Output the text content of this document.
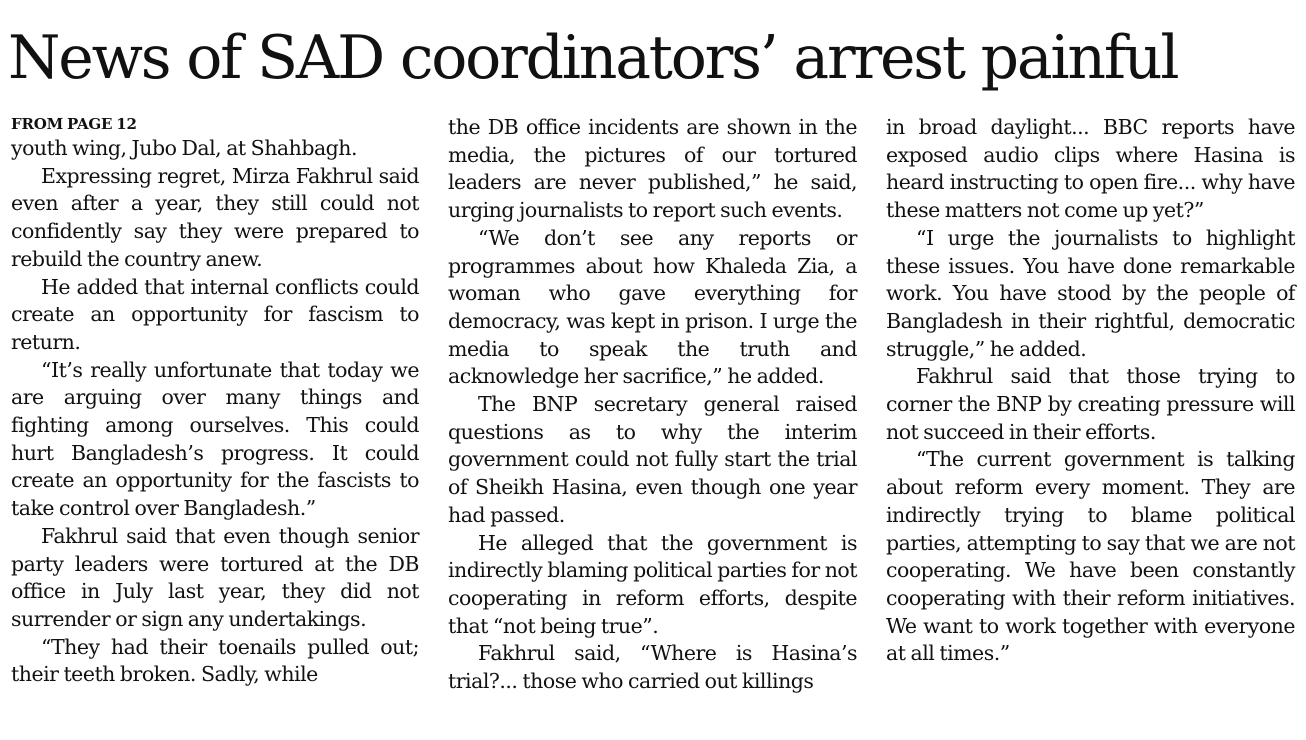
News of SAD coordinators’ arrest painful
FROM PAGE 12

youth wing, Jubo Dal, at Shahbagh.

Expressing regret, Mirza Fakhrul said even after a year, they still could not confidently say they were prepared to rebuild the country anew.

He added that internal conflicts could create an opportunity for fascism to return.

“It’s really unfortunate that today we are arguing over many things and fighting among ourselves. This could hurt Bangladesh’s progress. It could create an opportunity for the fascists to take control over Bangladesh.”

Fakhrul said that even though senior party leaders were tortured at the DB office in July last year, they did not surrender or sign any undertakings.

“They had their toenails pulled out; their teeth broken. Sadly, while

the DB office incidents are shown in the media, the pictures of our tortured leaders are never published,” he said, urging journalists to report such events.

“We don’t see any reports or programmes about how Khaleda Zia, a woman who gave everything for democracy, was kept in prison. I urge the media to speak the truth and acknowledge her sacrifice,” he added.

The BNP secretary general raised questions as to why the interim government could not fully start the trial of Sheikh Hasina, even though one year had passed.

He alleged that the government is indirectly blaming political parties for not cooperating in reform efforts, despite that “not being true”.

Fakhrul said, “Where is Hasina’s trial?... those who carried out killings

in broad daylight... BBC reports have exposed audio clips where Hasina is heard instructing to open fire... why have these matters not come up yet?”

“I urge the journalists to highlight these issues. You have done remarkable work. You have stood by the people of Bangladesh in their rightful, democratic struggle,” he added.

Fakhrul said that those trying to corner the BNP by creating pressure will not succeed in their efforts.

“The current government is talking about reform every moment. They are indirectly trying to blame political parties, attempting to say that we are not cooperating. We have been constantly cooperating with their reform initiatives. We want to work together with everyone at all times.”
